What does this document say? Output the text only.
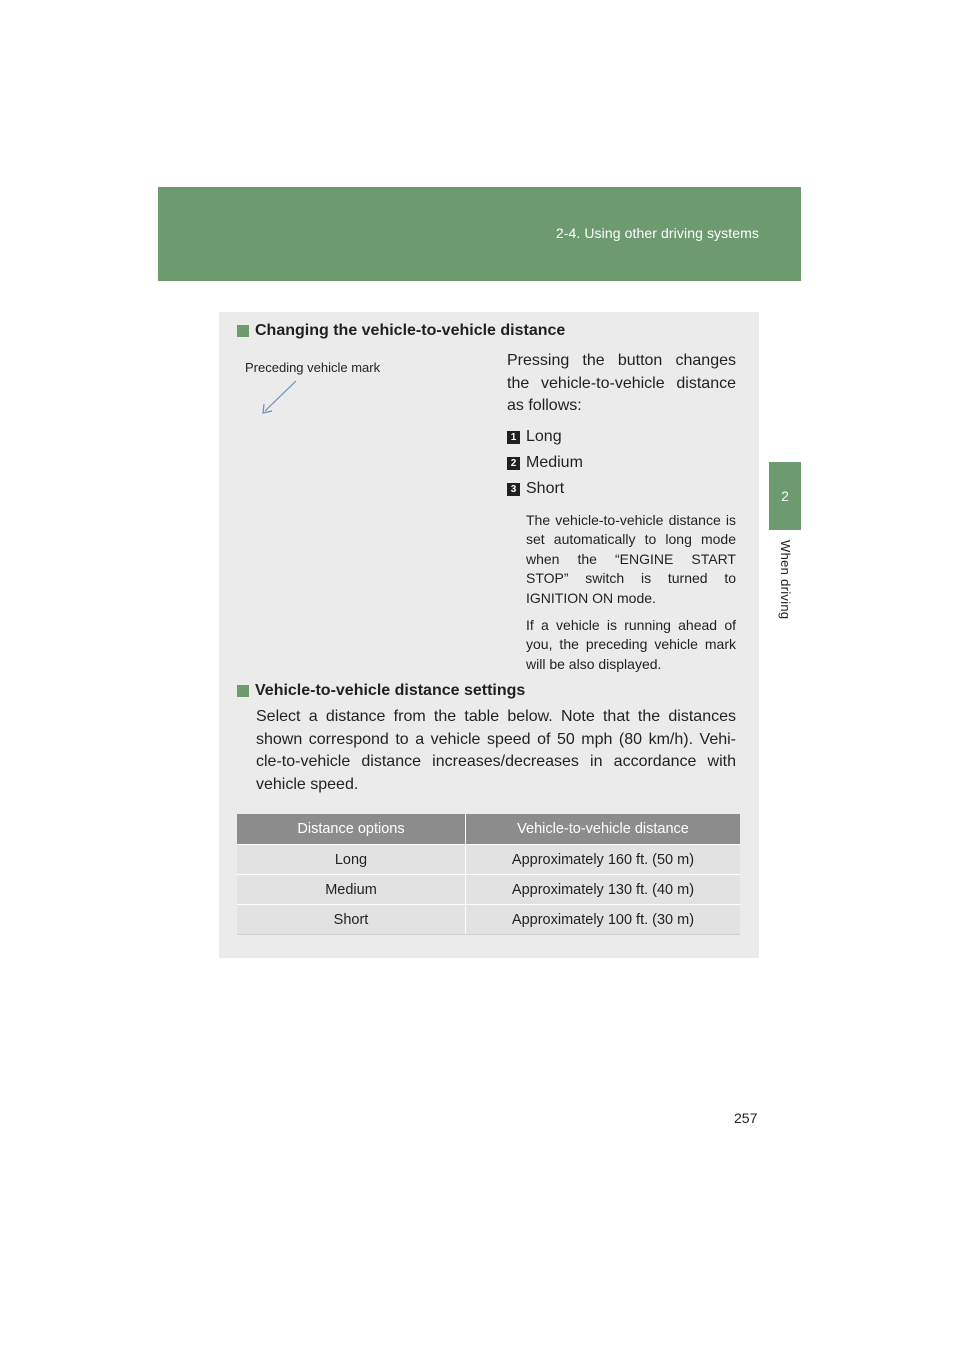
2-4. Using other driving systems
2
When driving
Changing the vehicle-to-vehicle distance
Preceding vehicle mark	Pressing the button changes the vehicle-to-vehicle distance as follows:
1 Long
2 Medium
3 Short
The vehicle-to-vehicle distance is set automatically to long mode when the “ENGINE START STOP” switch is turned to IGNITION ON mode.
If a vehicle is running ahead of you, the preceding vehicle mark will be also displayed.
Vehicle-to-vehicle distance settings
Select a distance from the table below. Note that the distances shown correspond to a vehicle speed of 50 mph (80 km/h). Vehi-cle-to-vehicle distance increases/decreases in accordance with vehicle speed.
Distance options	Vehicle-to-vehicle distance
Long	Approximately 160 ft. (50 m)
Medium	Approximately 130 ft. (40 m)
Short	Approximately 100 ft. (30 m)
257
